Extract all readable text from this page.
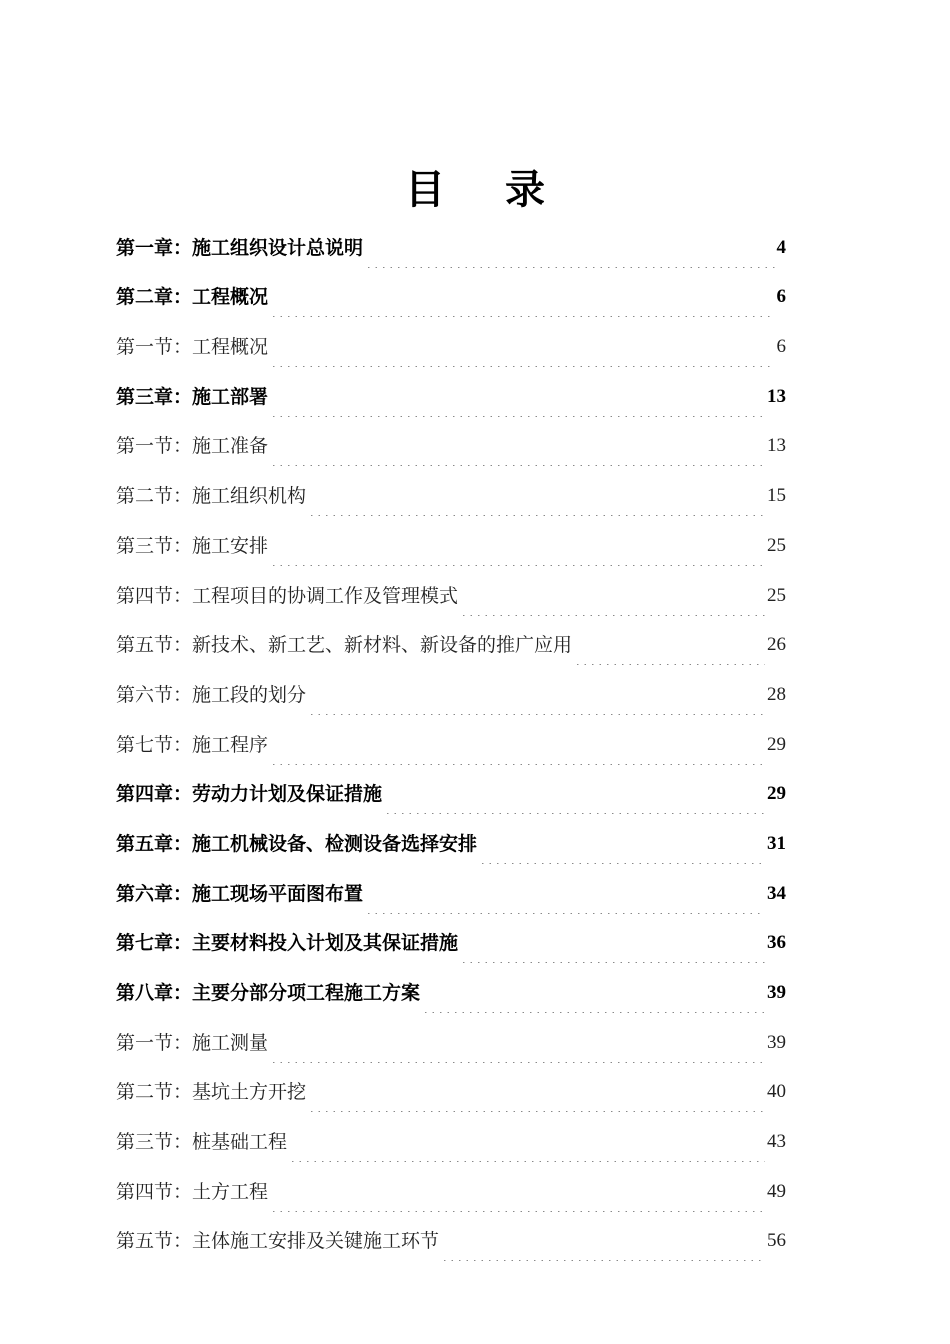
目录
第一章：施工组织设计总说明	4
第二章：工程概况	6
第一节：工程概况	6
第三章：施工部署	13
第一节：施工准备	13
第二节：施工组织机构	15
第三节：施工安排	25
第四节：工程项目的协调工作及管理模式	25
第五节：新技术、新工艺、新材料、新设备的推广应用	26
第六节：施工段的划分	28
第七节：施工程序	29
第四章：劳动力计划及保证措施	29
第五章：施工机械设备、检测设备选择安排	31
第六章：施工现场平面图布置	34
第七章：主要材料投入计划及其保证措施	36
第八章：主要分部分项工程施工方案	39
第一节：施工测量	39
第二节：基坑土方开挖	40
第三节：桩基础工程	43
第四节：土方工程	49
第五节：主体施工安排及关键施工环节	56
